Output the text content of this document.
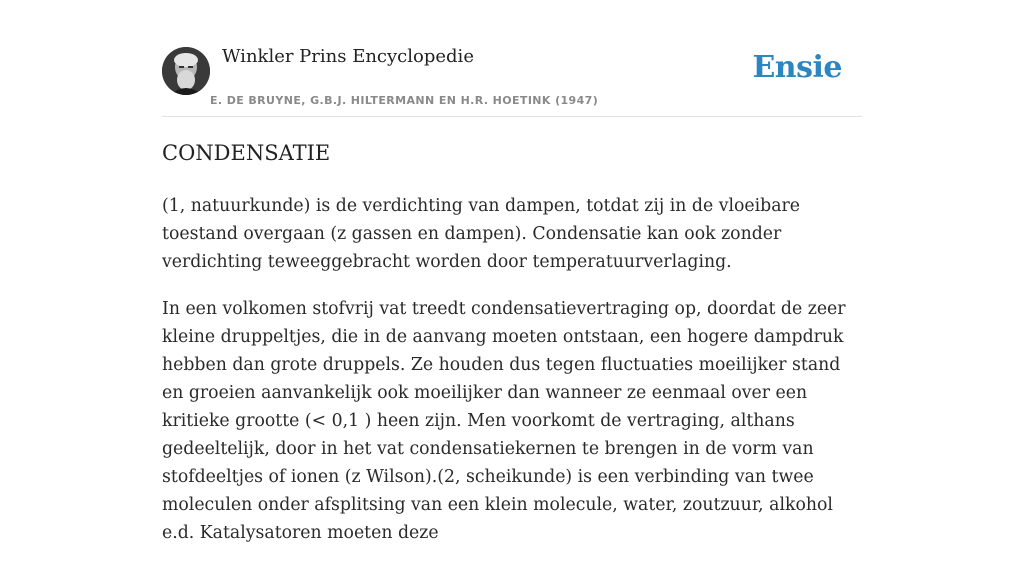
Winkler Prins Encyclopedie
E. DE BRUYNE, G.B.J. HILTERMANN EN H.R. HOETINK (1947)
Ensie
CONDENSATIE

(1, natuurkunde) is de verdichting van dampen, totdat zij in de vloeibare toestand overgaan (z gassen en dampen). Condensatie kan ook zonder verdichting teweeggebracht worden door temperatuurverlaging.

In een volkomen stofvrij vat treedt condensatievertraging op, doordat de zeer kleine druppeltjes, die in de aanvang moeten ontstaan, een hogere dampdruk hebben dan grote druppels. Ze houden dus tegen fluctuaties moeilijker stand en groeien aanvankelijk ook moeilijker dan wanneer ze eenmaal over een kritieke grootte (< 0,1 ) heen zijn. Men voorkomt de vertraging, althans gedeeltelijk, door in het vat condensatiekernen te brengen in de vorm van stofdeeltjes of ionen (z Wilson).(2, scheikunde) is een verbinding van twee moleculen onder afsplitsing van een klein molecule, water, zoutzuur, alkohol e.d. Katalysatoren moeten deze
